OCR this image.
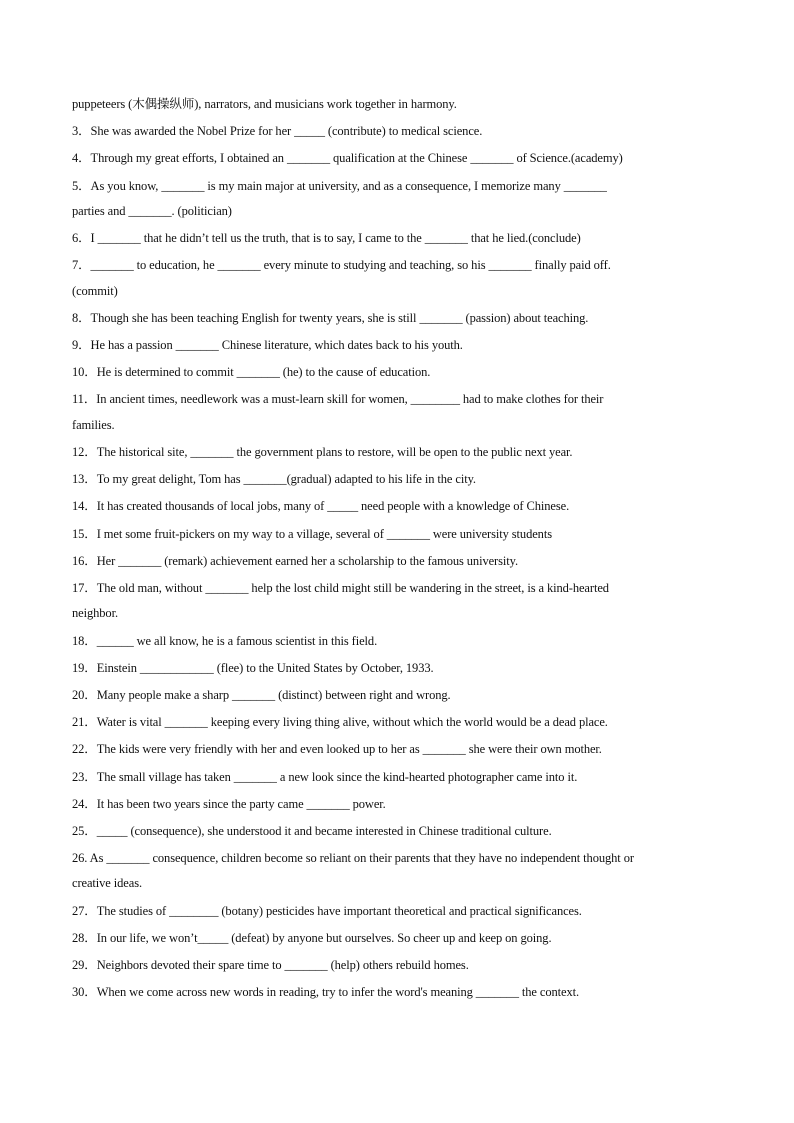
puppeteers (木偶操纵师), narrators, and musicians work together in harmony.
3．She was awarded the Nobel Prize for her _____ (contribute) to medical science.
4．Through my great efforts, I obtained an _______ qualification at the Chinese _______ of Science.(academy)
5．As you know, _______ is my main major at university, and as a consequence, I memorize many _______
parties and _______. (politician)
6．I _______ that he didn’t tell us the truth, that is to say, I came to the _______ that he lied.(conclude)
7．_______ to education, he _______ every minute to studying and teaching, so his _______ finally paid off.
(commit)
8．Though she has been teaching English for twenty years, she is still _______ (passion) about teaching.
9．He has a passion _______ Chinese literature, which dates back to his youth.
10．He is determined to commit _______ (he) to the cause of education.
11．In ancient times, needlework was a must-learn skill for women, ________ had to make clothes for their
families.
12．The historical site, _______ the government plans to restore, will be open to the public next year.
13．To my great delight, Tom has _______(gradual) adapted to his life in the city.
14．It has created thousands of local jobs, many of _____ need people with a knowledge of Chinese.
15．I met some fruit-pickers on my way to a village, several of _______ were university students
16．Her _______ (remark) achievement earned her a scholarship to the famous university.
17．The old man, without _______ help the lost child might still be wandering in the street, is a kind-hearted
neighbor.
18．______ we all know, he is a famous scientist in this field.
19．Einstein ____________ (flee) to the United States by October, 1933.
20．Many people make a sharp _______ (distinct) between right and wrong.
21．Water is vital _______ keeping every living thing alive, without which the world would be a dead place.
22．The kids were very friendly with her and even looked up to her as _______ she were their own mother.
23．The small village has taken _______ a new look since the kind-hearted photographer came into it.
24．It has been two years since the party came _______ power.
25．_____ (consequence), she understood it and became interested in Chinese traditional culture.
26. As _______ consequence, children become so reliant on their parents that they have no independent thought or
creative ideas.
27．The studies of ________ (botany) pesticides have important theoretical and practical significances.
28．In our life, we won’t_____ (defeat) by anyone but ourselves. So cheer up and keep on going.
29．Neighbors devoted their spare time to _______ (help) others rebuild homes.
30．When we come across new words in reading, try to infer the word's meaning _______ the context.
